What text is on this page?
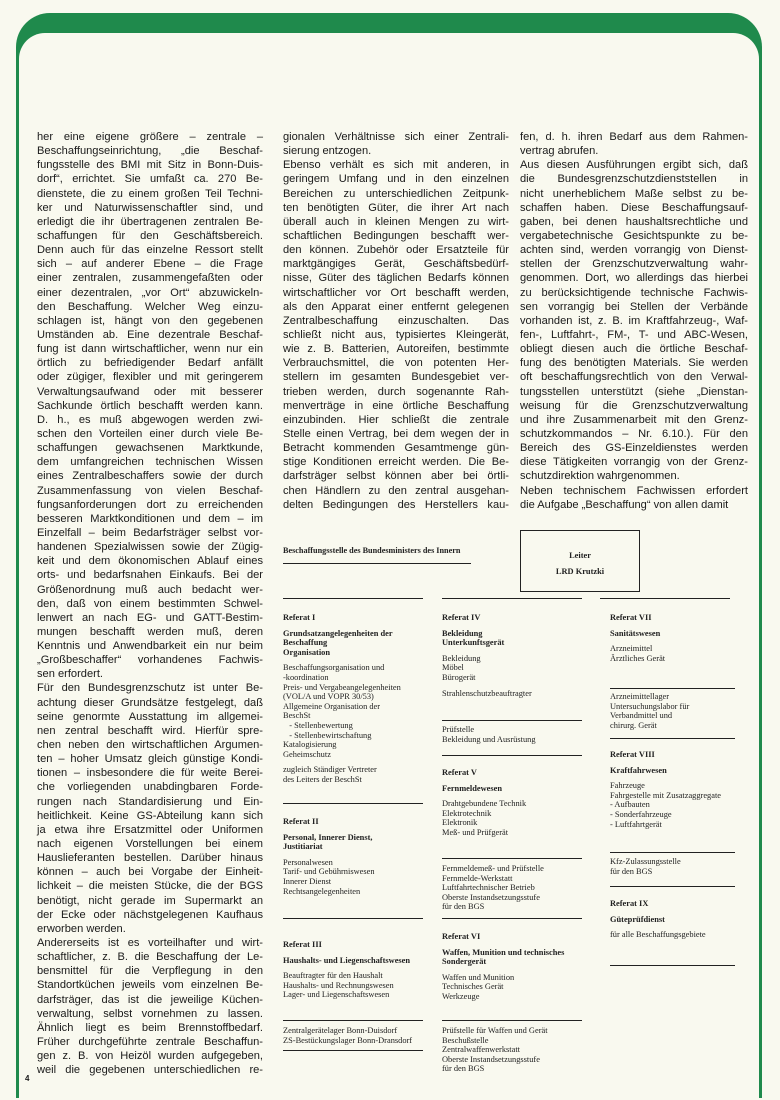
her eine eigene größere – zentrale –
Beschaffungseinrichtung, „die Beschaf-
fungsstelle des BMI mit Sitz in Bonn-Duis-
dorf“, errichtet. Sie umfaßt ca. 270 Be-
dienstete, die zu einem großen Teil Techni-
ker und Naturwissenschaftler sind, und
erledigt die ihr übertragenen zentralen Be-
schaffungen für den Geschäftsbereich.
Denn auch für das einzelne Ressort stellt
sich – auf anderer Ebene – die Frage
einer zentralen, zusammengefaßten oder
einer dezentralen, „vor Ort“ abzuwickeln-
den Beschaffung. Welcher Weg einzu-
schlagen ist, hängt von den gegebenen
Umständen ab. Eine dezentrale Beschaf-
fung ist dann wirtschaftlicher, wenn nur ein
örtlich zu befriedigender Bedarf anfällt
oder zügiger, flexibler und mit geringerem
Verwaltungsaufwand oder mit besserer
Sachkunde örtlich beschafft werden kann.
D. h., es muß abgewogen werden zwi-
schen den Vorteilen einer durch viele Be-
schaffungen gewachsenen Marktkunde,
dem umfangreichen technischen Wissen
eines Zentralbeschaffers sowie der durch
Zusammenfassung von vielen Beschaf-
fungsanforderungen dort zu erreichenden
besseren Marktkonditionen und dem – im
Einzelfall – beim Bedarfsträger selbst vor-
handenen Spezialwissen sowie der Zügig-
keit und dem ökonomischen Ablauf eines
orts- und bedarfsnahen Einkaufs. Bei der
Größenordnung muß auch bedacht wer-
den, daß von einem bestimmten Schwel-
lenwert an nach EG- und GATT-Bestim-
mungen beschafft werden muß, deren
Kenntnis und Anwendbarkeit ein nur beim
„Großbeschaffer“ vorhandenes Fachwis-
sen erfordert.
Für den Bundesgrenzschutz ist unter Be-
achtung dieser Grundsätze festgelegt, daß
seine genormte Ausstattung im allgemei-
nen zentral beschafft wird. Hierfür spre-
chen neben den wirtschaftlichen Argumen-
ten – hoher Umsatz gleich günstige Kondi-
tionen – insbesondere die für weite Berei-
che vorliegenden unabdingbaren Forde-
rungen nach Standardisierung und Ein-
heitlichkeit. Keine GS-Abteilung kann sich
ja etwa ihre Ersatzmittel oder Uniformen
nach eigenen Vorstellungen bei einem
Hauslieferanten bestellen. Darüber hinaus
können – auch bei Vorgabe der Einheit-
lichkeit – die meisten Stücke, die der BGS
benötigt, nicht gerade im Supermarkt an
der Ecke oder nächstgelegenen Kaufhaus
erworben werden.
Andererseits ist es vorteilhafter und wirt-
schaftlicher, z. B. die Beschaffung der Le-
bensmittel für die Verpflegung in den
Standortküchen jeweils vom einzelnen Be-
darfsträger, das ist die jeweilige Küchen-
verwaltung, selbst vornehmen zu lassen.
Ähnlich liegt es beim Brennstoffbedarf.
Früher durchgeführte zentrale Beschaffun-
gen z. B. von Heizöl wurden aufgegeben,
weil die gegebenen unterschiedlichen re-
gionalen Verhältnisse sich einer Zentrali-
sierung entzogen.
Ebenso verhält es sich mit anderen, in
geringem Umfang und in den einzelnen
Bereichen zu unterschiedlichen Zeitpunk-
ten benötigten Güter, die ihrer Art nach
überall auch in kleinen Mengen zu wirt-
schaftlichen Bedingungen beschafft wer-
den können. Zubehör oder Ersatzteile für
marktgängiges Gerät, Geschäftsbedürf-
nisse, Güter des täglichen Bedarfs können
wirtschaftlicher vor Ort beschafft werden,
als den Apparat einer entfernt gelegenen
Zentralbeschaffung einzuschalten. Das
schließt nicht aus, typisiertes Kleingerät,
wie z. B. Batterien, Autoreifen, bestimmte
Verbrauchsmittel, die von potenten Her-
stellern im gesamten Bundesgebiet ver-
trieben werden, durch sogenannte Rah-
menverträge in eine örtliche Beschaffung
einzubinden. Hier schließt die zentrale
Stelle einen Vertrag, bei dem wegen der in
Betracht kommenden Gesamtmenge gün-
stige Konditionen erreicht werden. Die Be-
darfsträger selbst können aber bei örtli-
chen Händlern zu den zentral ausgehan-
delten Bedingungen des Herstellers kau-
fen, d. h. ihren Bedarf aus dem Rahmen-
vertrag abrufen.
Aus diesen Ausführungen ergibt sich, daß
die Bundesgrenzschutzdienststellen in
nicht unerheblichem Maße selbst zu be-
schaffen haben. Diese Beschaffungsauf-
gaben, bei denen haushaltsrechtliche und
vergabetechnische Gesichtspunkte zu be-
achten sind, werden vorrangig von Dienst-
stellen der Grenzschutzverwaltung wahr-
genommen. Dort, wo allerdings das hierbei
zu berücksichtigende technische Fachwis-
sen vorrangig bei Stellen der Verbände
vorhanden ist, z. B. im Kraftfahrzeug-, Waf-
fen-, Luftfahrt-, FM-, T- und ABC-Wesen,
obliegt diesen auch die örtliche Beschaf-
fung des benötigten Materials. Sie werden
oft beschaffungsrechtlich von den Verwal-
tungsstellen unterstützt (siehe „Dienstan-
weisung für die Grenzschutzverwaltung
und ihre Zusammenarbeit mit den Grenz-
schutzkommandos – Nr. 6.10.). Für den
Bereich des GS-Einzeldienstes werden
diese Tätigkeiten vorrangig von der Grenz-
schutzdirektion wahrgenommen.
Neben technischem Fachwissen erfordert
die Aufgabe „Beschaffung“ von allen damit
4
Beschaffungsstelle des Bundesministers des Innern
Leiter
LRD Krutzki
Referat I
Grundsatzangelegenheiten der
Beschaffung
Organisation
Beschaffungsorganisation und
-koordination
Preis- und Vergabeangelegenheiten
(VOL/A und VOPR 30/53)
Allgemeine Organisation der
BeschSt
- Stellenbewertung
- Stellenbewirtschaftung
Katalogisierung
Geheimschutz
zugleich Ständiger Vertreter
des Leiters der BeschSt
Referat II
Personal, Innerer Dienst,
Justitiariat
Personalwesen
Tarif- und Gebührniswesen
Innerer Dienst
Rechtsangelegenheiten
Referat III
Haushalts- und Liegenschaftswesen
Beauftragter für den Haushalt
Haushalts- und Rechnungswesen
Lager- und Liegenschaftswesen
Zentralgerätelager Bonn-Duisdorf
ZS-Bestückungslager Bonn-Dransdorf
Referat IV
Bekleidung
Unterkunftsgerät
Bekleidung
Möbel
Bürogerät
Strahlenschutzbeauftragter
Prüfstelle
Bekleidung und Ausrüstung
Referat V
Fernmeldewesen
Drahtgebundene Technik
Elektrotechnik
Elektronik
Meß- und Prüfgerät
Fernmeldemeß- und Prüfstelle
Fernmelde-Werkstatt
Luftfahrtechnischer Betrieb
Oberste Instandsetzungsstufe
für den BGS
Referat VI
Waffen, Munition und technisches
Sondergerät
Waffen und Munition
Technisches Gerät
Werkzeuge
Prüfstelle für Waffen und Gerät
Beschußstelle
Zentralwaffenwerkstatt
Oberste Instandsetzungsstufe
für den BGS
Referat VII
Sanitätswesen
Arzneimittel
Ärztliches Gerät
Arzneimittellager
Untersuchungslabor für
Verbandmittel und
chirurg. Gerät
Referat VIII
Kraftfahrwesen
Fahrzeuge
Fahrgestelle mit Zusatzaggregate
- Aufbauten
- Sonderfahrzeuge
- Luftfahrtgerät
Kfz-Zulassungsstelle
für den BGS
Referat IX
Güteprüfdienst
für alle Beschaffungsgebiete
